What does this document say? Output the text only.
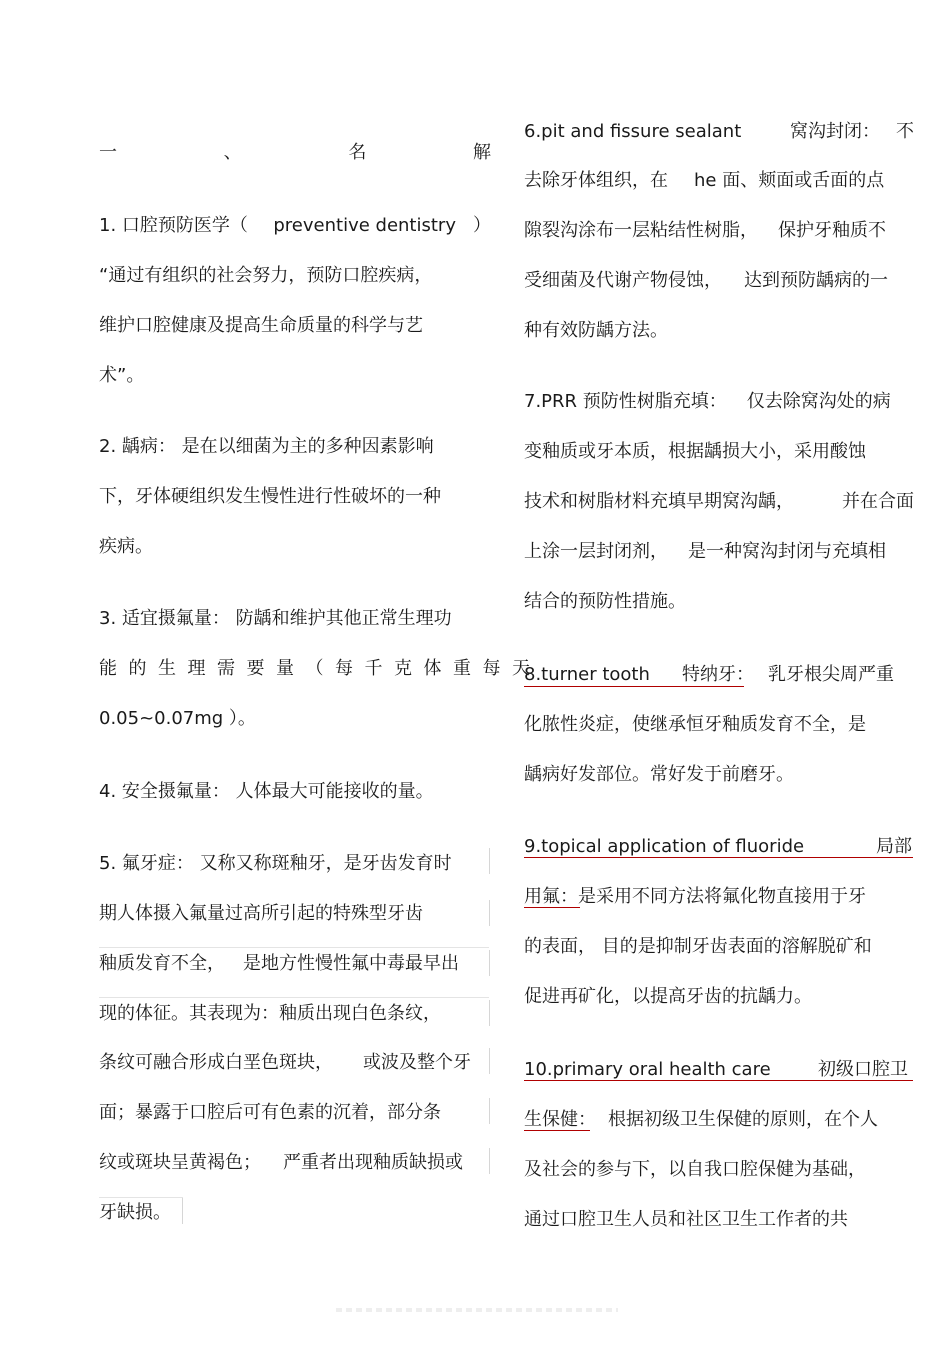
一	、	名	解
1. 口腔预防医学（ preventive dentistry ）
“通过有组织的社会努力，预防口腔疾病，
维护口腔健康及提高生命质量的科学与艺
术”。
2. 龋病： 是在以细菌为主的多种因素影响
下，牙体硬组织发生慢性进行性破坏的一种
疾病。
3. 适宜摄氟量： 防龋和维护其他正常生理功
能的生理需要量（每千克体重每天
0.05~0.07mg ）。
4. 安全摄氟量： 人体最大可能接收的量。
5. 氟牙症： 又称又称斑釉牙，是牙齿发育时
期人体摄入氟量过高所引起的特殊型牙齿
釉质发育不全， 是地方性慢性氟中毒最早出
现的体征。其表现为：釉质出现白色条纹，
条纹可融合形成白垩色斑块， 或波及整个牙
面；暴露于口腔后可有色素的沉着，部分条
纹或斑块呈黄褐色； 严重者出现釉质缺损或
牙缺损。
6.pit and fissure sealant	窝沟封闭： 不
去除牙体组织，在 he 面、颊面或舌面的点
隙裂沟涂布一层粘结性树脂， 保护牙釉质不
受细菌及代谢产物侵蚀， 达到预防龋病的一
种有效防龋方法。
7.PRR 预防性树脂充填： 仅去除窝沟处的病
变釉质或牙本质，根据龋损大小，采用酸蚀
技术和树脂材料充填早期窝沟龋，	并在合面
上涂一层封闭剂， 是一种窝沟封闭与充填相
结合的预防性措施。
8.turner tooth 特纳牙： 乳牙根尖周严重
化脓性炎症，使继承恒牙釉质发育不全，是
龋病好发部位。常好发于前磨牙。
9.topical application of fluoride	局部
用氟：是采用不同方法将氟化物直接用于牙
的表面， 目的是抑制牙齿表面的溶解脱矿和
促进再矿化，以提高牙齿的抗龋力。
10.primary oral health care	初级口腔卫
生保健： 根据初级卫生保健的原则，在个人
及社会的参与下，以自我口腔保健为基础，
通过口腔卫生人员和社区卫生工作者的共
